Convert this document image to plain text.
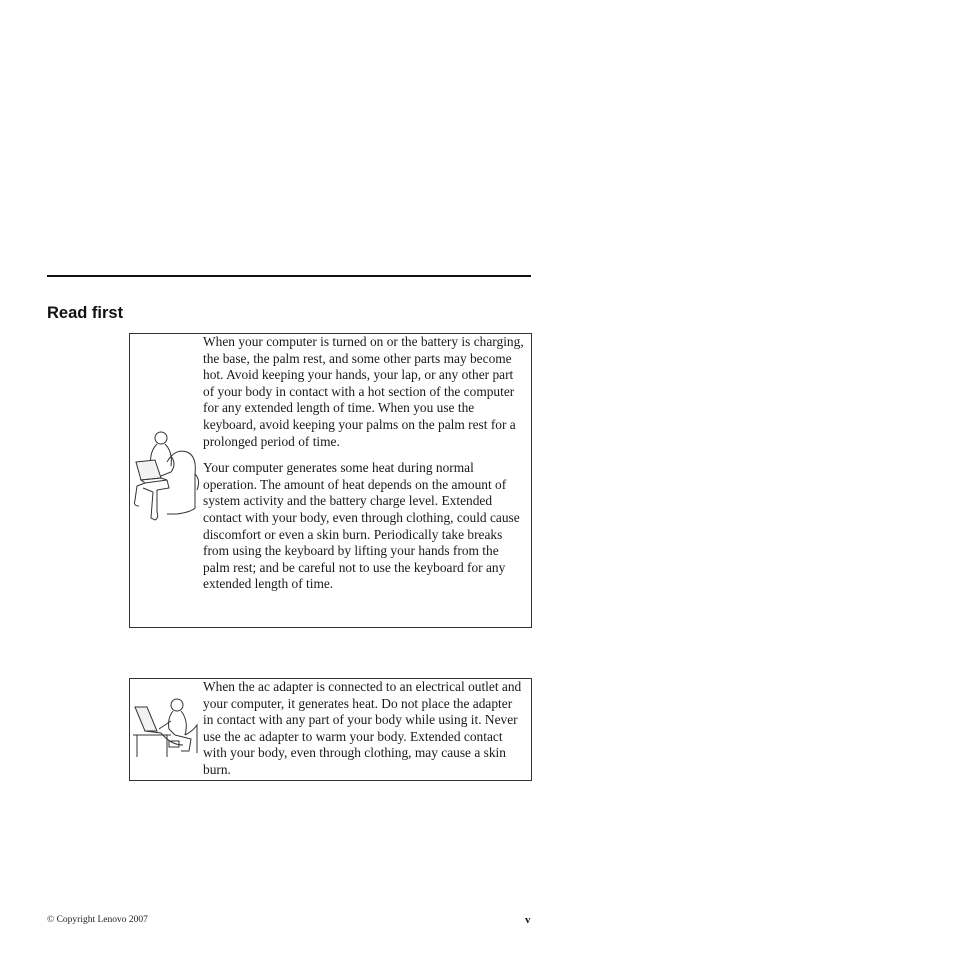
Read first

When your computer is turned on or the battery is charging, the base, the palm rest, and some other parts may become hot. Avoid keeping your hands, your lap, or any other part of your body in contact with a hot section of the computer for any extended length of time. When you use the keyboard, avoid keeping your palms on the palm rest for a prolonged period of time.

Your computer generates some heat during normal operation. The amount of heat depends on the amount of system activity and the battery charge level. Extended contact with your body, even through clothing, could cause discomfort or even a skin burn. Periodically take breaks from using the keyboard by lifting your hands from the palm rest; and be careful not to use the keyboard for any extended length of time.

When the ac adapter is connected to an electrical outlet and your computer, it generates heat. Do not place the adapter in contact with any part of your body while using it. Never use the ac adapter to warm your body. Extended contact with your body, even through clothing, may cause a skin burn.

© Copyright Lenovo 2007	v
